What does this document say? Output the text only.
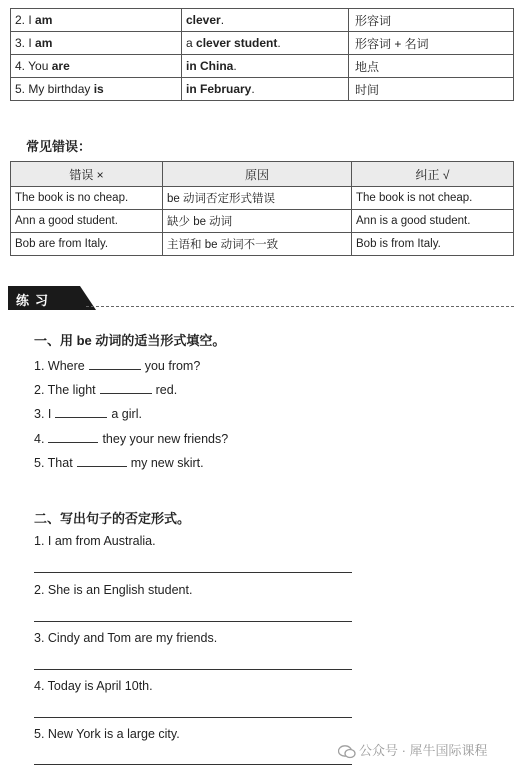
2. I am	clever.	形容词
3. I am	a clever student.	形容词 + 名词
4. You are	in China.	地点
5. My birthday is	in February.	时间
常见错误：
错误 ×	原因	纠正 √
The book is no cheap.	be 动词否定形式错误	The book is not cheap.
Ann a good student.	缺少 be 动词	Ann is a good student.
Bob are from Italy.	主语和 be 动词不一致	Bob is from Italy.
练习
一、用 be 动词的适当形式填空。
1. Where	you from?
2. The light	red.
3. I	a girl.
4.	they your new friends?
5. That	my new skirt.
二、写出句子的否定形式。
1. I am from Australia.
2. She is an English student.
3. Cindy and Tom are my friends.
4. Today is April 10th.
5. New York is a large city.
公众号 · 犀牛国际课程
